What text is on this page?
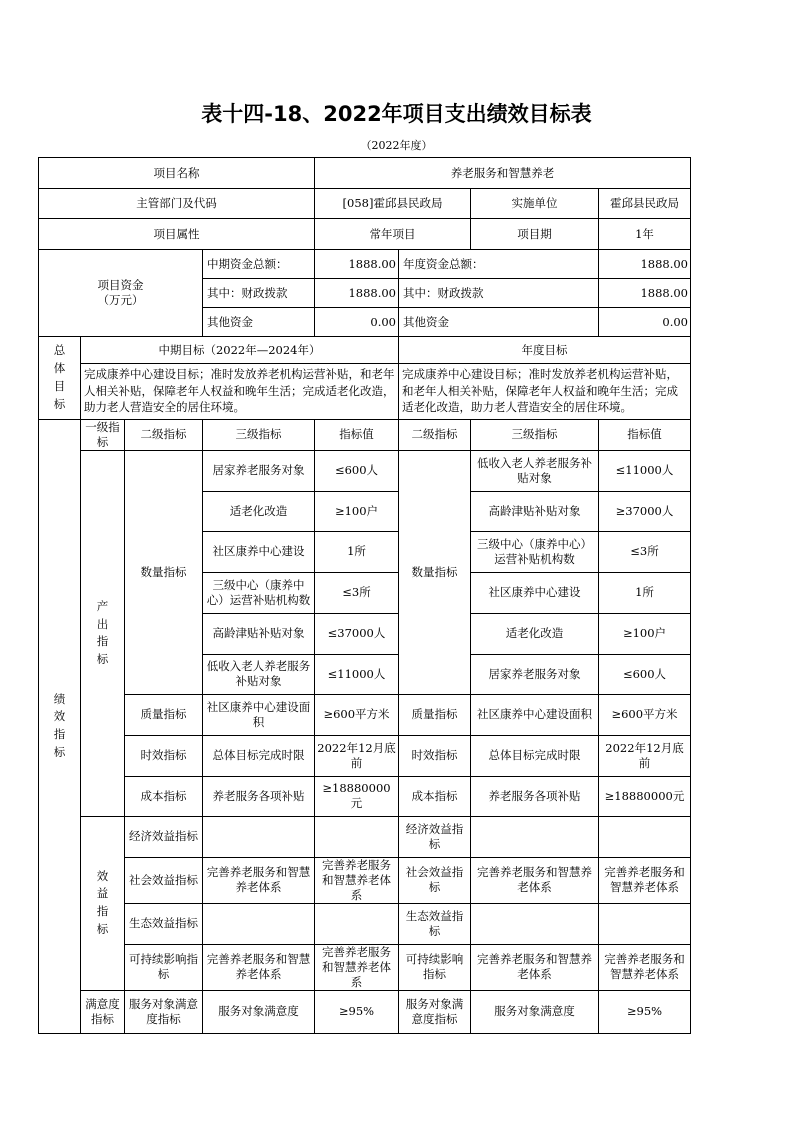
表十四-18、2022年项目支出绩效目标表
（2022年度）
项目名称				养老服务和智慧养老			
主管部门及代码				[058]霍邱县民政局		实施单位	霍邱县民政局
项目属性				常年项目		项目期	1年
项目资金
（万元）			中期资金总额：	1888.00	年度资金总额：		1888.00
			其中：财政拨款	1888.00	其中：财政拨款		1888.00
			其他资金	0.00	其他资金		0.00
总
体
目
标	中期目标（2022年—2024年）				年度目标		
	完成康养中心建设目标；准时发放养老机构运营补贴，和老年人相关补贴，保障老年人权益和晚年生活；完成适老化改造，助力老人营造安全的居住环境。				完成康养中心建设目标；准时发放养老机构运营补贴，和老年人相关补贴，保障老年人权益和晚年生活；完成适老化改造，助力老人营造安全的居住环境。		
绩
效
指
标	一级指标	二级指标	三级指标	指标值	二级指标	三级指标	指标值
	产
出
指
标	数量指标	居家养老服务对象	≤600人	数量指标	低收入老人养老服务补贴对象	≤11000人
			适老化改造	≥100户		高龄津贴补贴对象	≥37000人
			社区康养中心建设	1所		三级中心（康养中心）运营补贴机构数	≤3所
			三级中心（康养中心）运营补贴机构数	≤3所		社区康养中心建设	1所
			高龄津贴补贴对象	≤37000人		适老化改造	≥100户
			低收入老人养老服务补贴对象	≤11000人		居家养老服务对象	≤600人
		质量指标	社区康养中心建设面积	≥600平方米	质量指标	社区康养中心建设面积	≥600平方米
		时效指标	总体目标完成时限	2022年12月底前	时效指标	总体目标完成时限	2022年12月底前
		成本指标	养老服务各项补贴	≥18880000元	成本指标	养老服务各项补贴	≥18880000元
	效
益
指
标	经济效益指标			经济效益指标		
		社会效益指标	完善养老服务和智慧养老体系	完善养老服务和智慧养老体系	社会效益指标	完善养老服务和智慧养老体系	完善养老服务和智慧养老体系
		生态效益指标			生态效益指标		
		可持续影响指标	完善养老服务和智慧养老体系	完善养老服务和智慧养老体系	可持续影响指标	完善养老服务和智慧养老体系	完善养老服务和智慧养老体系
	满意度指标	服务对象满意度指标	服务对象满意度	≥95%	服务对象满意度指标	服务对象满意度	≥95%
